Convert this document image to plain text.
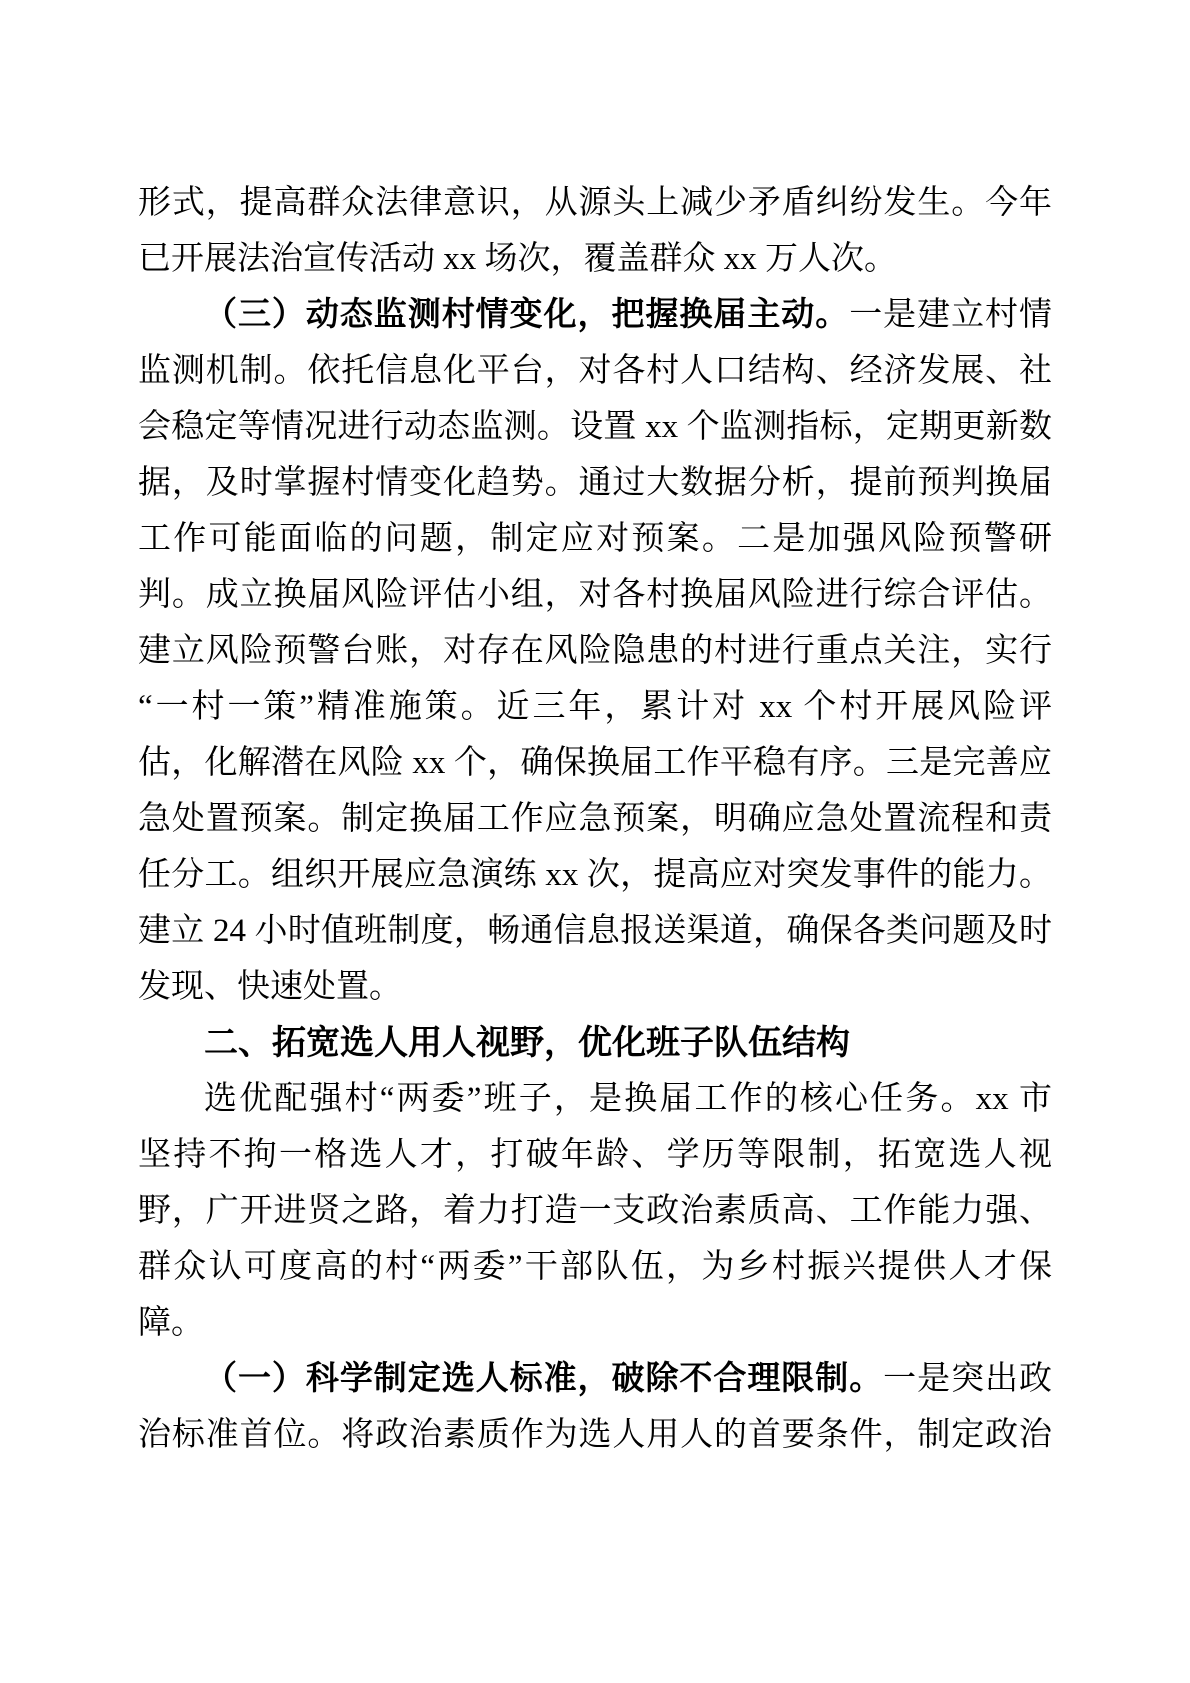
形式，提高群众法律意识，从源头上减少矛盾纠纷发生。今年
已开展法治宣传活动 xx 场次，覆盖群众 xx 万人次。
（三）动态监测村情变化，把握换届主动。一是建立村情
监测机制。依托信息化平台，对各村人口结构、经济发展、社
会稳定等情况进行动态监测。设置 xx 个监测指标，定期更新数
据，及时掌握村情变化趋势。通过大数据分析，提前预判换届
工作可能面临的问题，制定应对预案。二是加强风险预警研
判。成立换届风险评估小组，对各村换届风险进行综合评估。
建立风险预警台账，对存在风险隐患的村进行重点关注，实行
“一村一策”精准施策。近三年，累计对 xx 个村开展风险评
估，化解潜在风险 xx 个，确保换届工作平稳有序。三是完善应
急处置预案。制定换届工作应急预案，明确应急处置流程和责
任分工。组织开展应急演练 xx 次，提高应对突发事件的能力。
建立 24 小时值班制度，畅通信息报送渠道，确保各类问题及时
发现、快速处置。
二、拓宽选人用人视野，优化班子队伍结构
选优配强村“两委”班子，是换届工作的核心任务。xx 市
坚持不拘一格选人才，打破年龄、学历等限制，拓宽选人视
野，广开进贤之路，着力打造一支政治素质高、工作能力强、
群众认可度高的村“两委”干部队伍，为乡村振兴提供人才保
障。
（一）科学制定选人标准，破除不合理限制。一是突出政
治标准首位。将政治素质作为选人用人的首要条件，制定政治
